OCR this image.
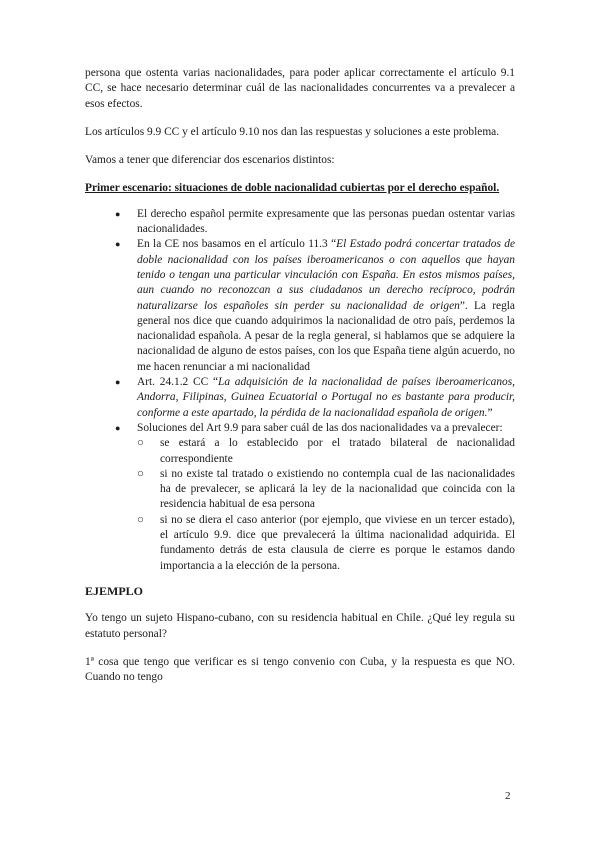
persona que ostenta varias nacionalidades, para poder aplicar correctamente el artículo 9.1 CC, se hace necesario determinar cuál de las nacionalidades concurrentes va a prevalecer a esos efectos.

Los artículos 9.9 CC y el artículo 9.10 nos dan las respuestas y soluciones a este problema.

Vamos a tener que diferenciar dos escenarios distintos:

Primer escenario: situaciones de doble nacionalidad cubiertas por el derecho español.

● El derecho español permite expresamente que las personas puedan ostentar varias nacionalidades.
● En la CE nos basamos en el artículo 11.3 “El Estado podrá concertar tratados de doble nacionalidad con los países iberoamericanos o con aquellos que hayan tenido o tengan una particular vinculación con España. En estos mismos países, aun cuando no reconozcan a sus ciudadanos un derecho recíproco, podrán naturalizarse los españoles sin perder su nacionalidad de origen”. La regla general nos dice que cuando adquirimos la nacionalidad de otro país, perdemos la nacionalidad española. A pesar de la regla general, si hablamos que se adquiere la nacionalidad de alguno de estos países, con los que España tiene algún acuerdo, no me hacen renunciar a mi nacionalidad
● Art. 24.1.2 CC “La adquisición de la nacionalidad de países iberoamericanos, Andorra, Filipinas, Guinea Ecuatorial o Portugal no es bastante para producir, conforme a este apartado, la pérdida de la nacionalidad española de origen.”
● Soluciones del Art 9.9 para saber cuál de las dos nacionalidades va a prevalecer:
○ se estará a lo establecido por el tratado bilateral de nacionalidad correspondiente
○ si no existe tal tratado o existiendo no contempla cual de las nacionalidades ha de prevalecer, se aplicará la ley de la nacionalidad que coincida con la residencia habitual de esa persona
○ si no se diera el caso anterior (por ejemplo, que viviese en un tercer estado), el artículo 9.9. dice que prevalecerá la última nacionalidad adquirida. El fundamento detrás de esta clausula de cierre es porque le estamos dando importancia a la elección de la persona.

EJEMPLO

Yo tengo un sujeto Hispano-cubano, con su residencia habitual en Chile. ¿Qué ley regula su estatuto personal?

1ª cosa que tengo que verificar es si tengo convenio con Cuba, y la respuesta es que NO. Cuando no tengo

2
